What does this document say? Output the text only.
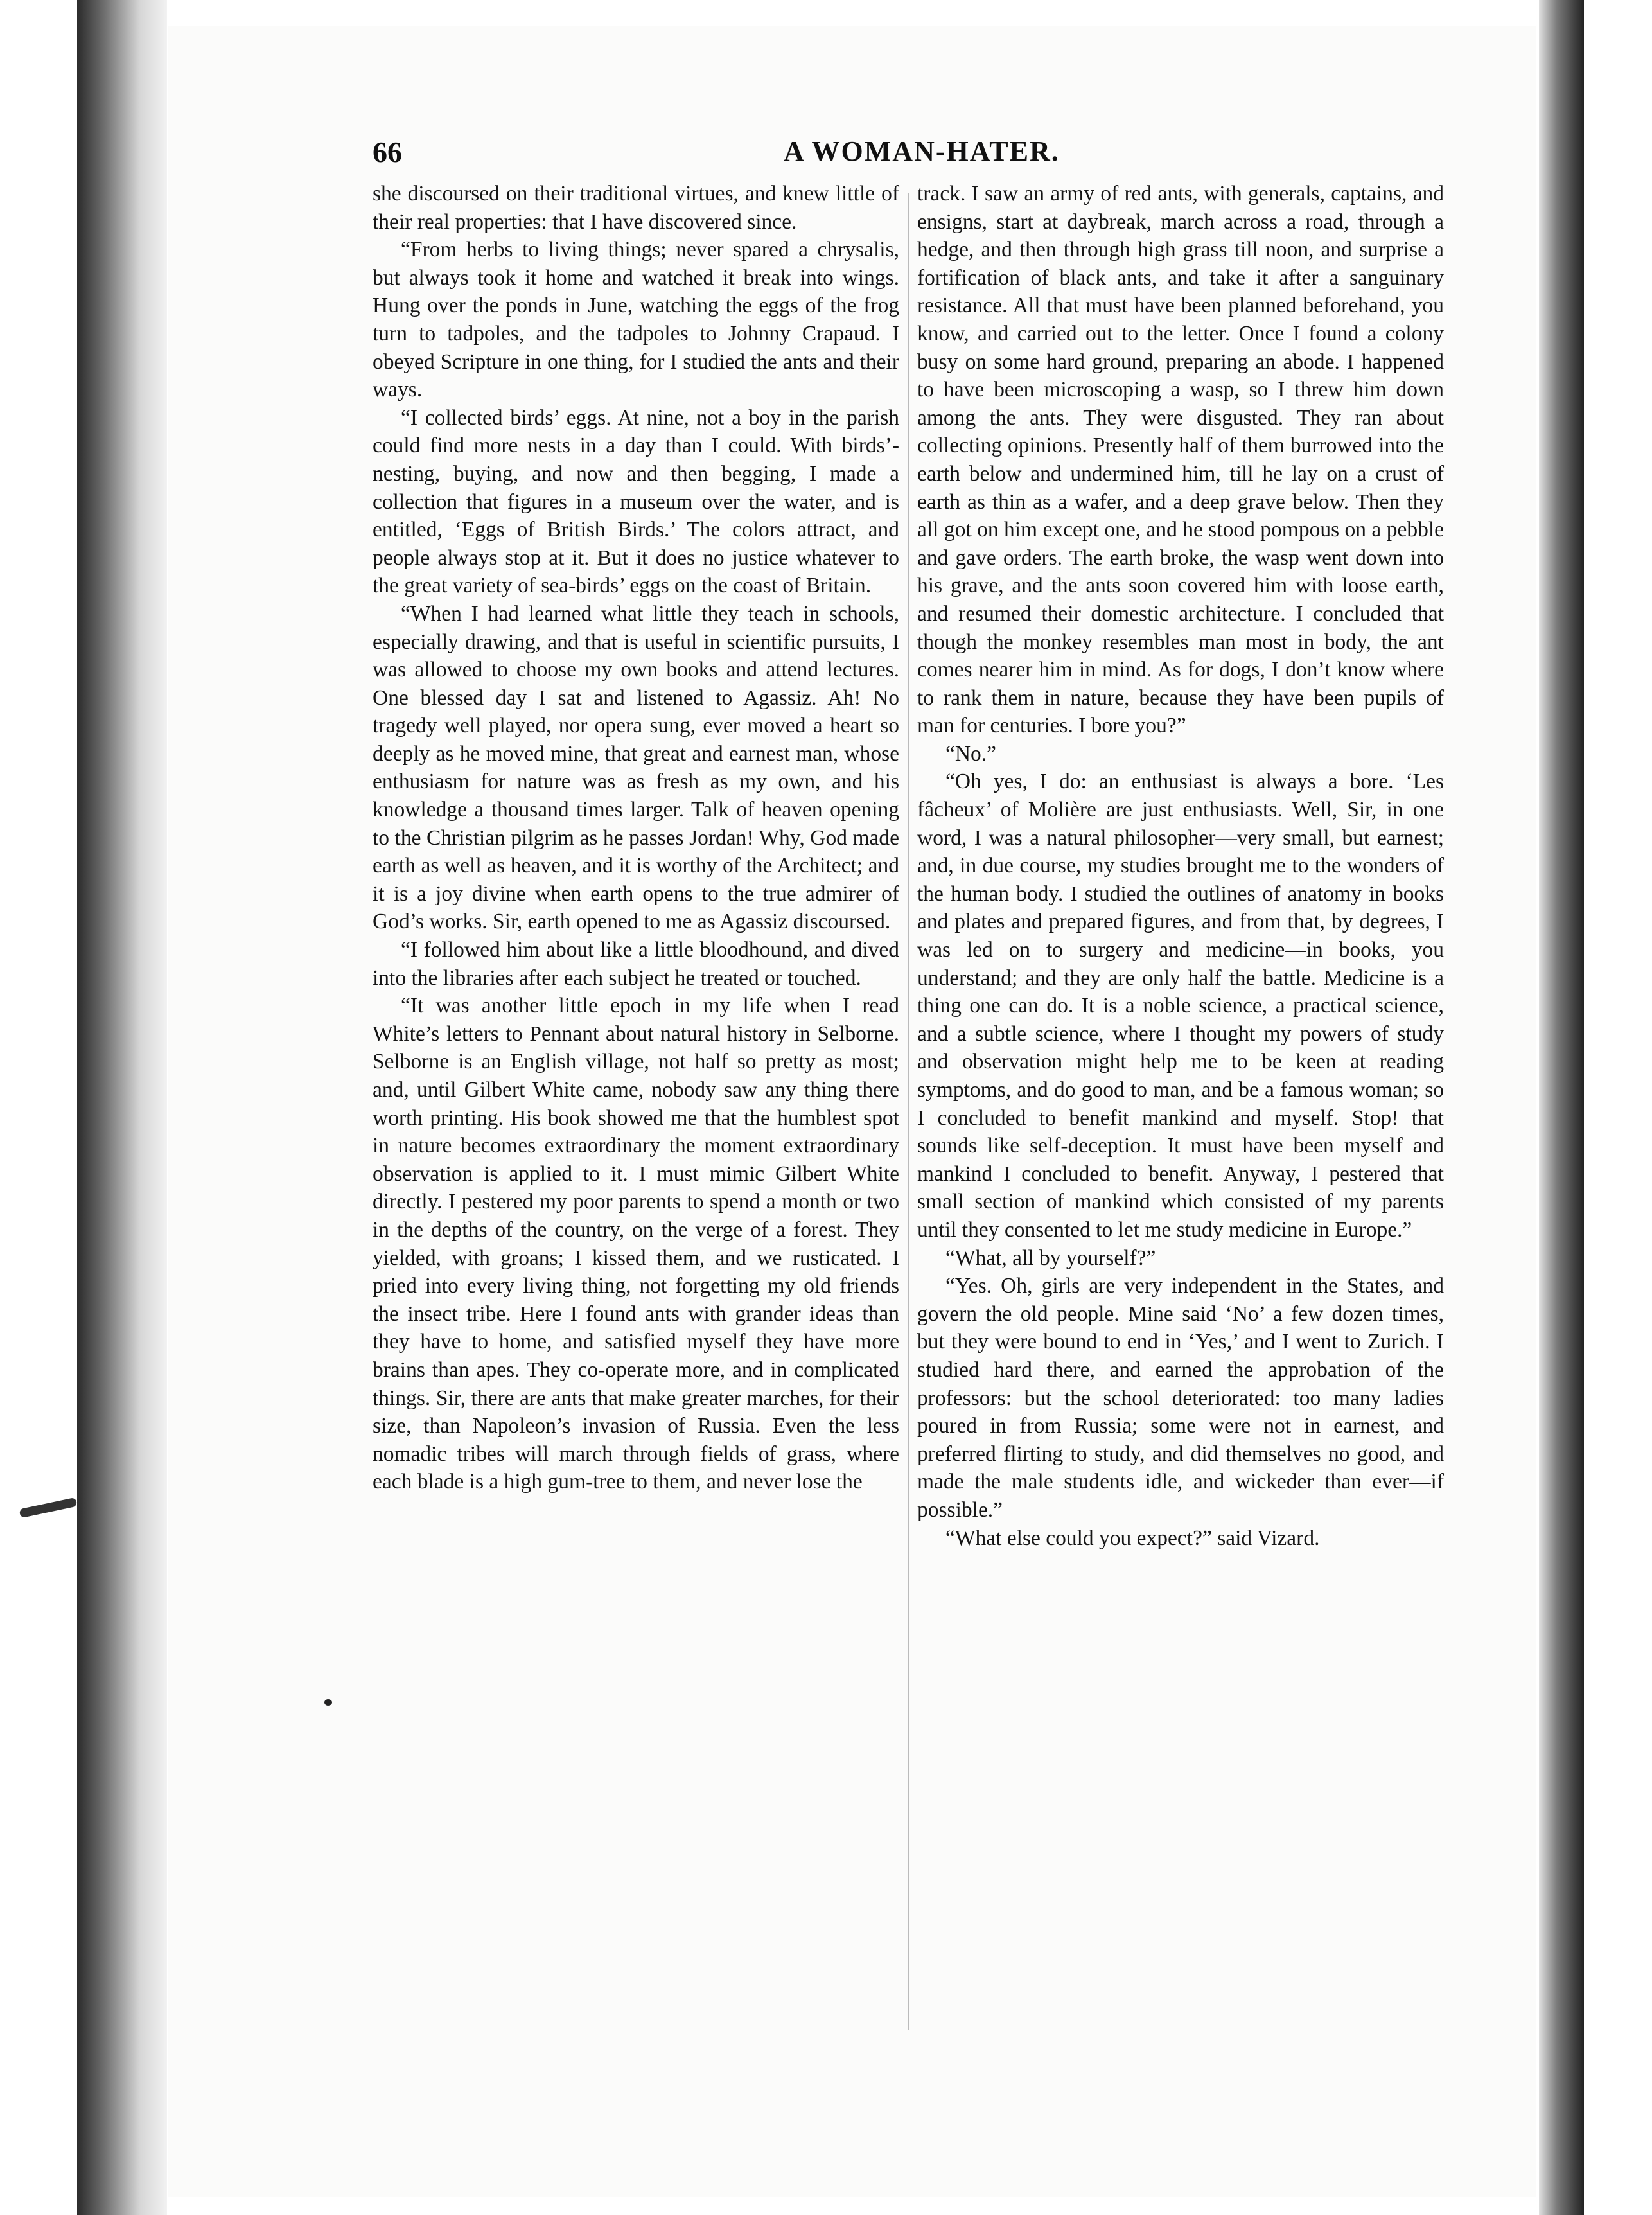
66	A WOMAN-HATER.

she discoursed on their traditional virtues, and knew little of their real properties: that I have discovered since.

“From herbs to living things; never spared a chrysalis, but always took it home and watched it break into wings. Hung over the ponds in June, watching the eggs of the frog turn to tadpoles, and the tadpoles to Johnny Crapaud. I obeyed Scripture in one thing, for I studied the ants and their ways.

“I collected birds’ eggs. At nine, not a boy in the parish could find more nests in a day than I could. With birds’-nesting, buying, and now and then begging, I made a collection that figures in a museum over the water, and is entitled, ‘Eggs of British Birds.’ The colors attract, and people always stop at it. But it does no justice whatever to the great variety of sea-birds’ eggs on the coast of Britain.

“When I had learned what little they teach in schools, especially drawing, and that is useful in scientific pursuits, I was allowed to choose my own books and attend lectures. One blessed day I sat and listened to Agassiz. Ah! No tragedy well played, nor opera sung, ever moved a heart so deeply as he moved mine, that great and earnest man, whose enthusiasm for nature was as fresh as my own, and his knowledge a thousand times larger. Talk of heaven opening to the Christian pilgrim as he passes Jordan! Why, God made earth as well as heaven, and it is worthy of the Architect; and it is a joy divine when earth opens to the true admirer of God’s works. Sir, earth opened to me as Agassiz discoursed.

“I followed him about like a little bloodhound, and dived into the libraries after each subject he treated or touched.

“It was another little epoch in my life when I read White’s letters to Pennant about natural history in Selborne. Selborne is an English village, not half so pretty as most; and, until Gilbert White came, nobody saw any thing there worth printing. His book showed me that the humblest spot in nature becomes extraordinary the moment extraordinary observation is applied to it. I must mimic Gilbert White directly. I pestered my poor parents to spend a month or two in the depths of the country, on the verge of a forest. They yielded, with groans; I kissed them, and we rusticated. I pried into every living thing, not forgetting my old friends the insect tribe. Here I found ants with grander ideas than they have to home, and satisfied myself they have more brains than apes. They co-operate more, and in complicated things. Sir, there are ants that make greater marches, for their size, than Napoleon’s invasion of Russia. Even the less nomadic tribes will march through fields of grass, where each blade is a high gum-tree to them, and never lose the

track. I saw an army of red ants, with generals, captains, and ensigns, start at daybreak, march across a road, through a hedge, and then through high grass till noon, and surprise a fortification of black ants, and take it after a sanguinary resistance. All that must have been planned beforehand, you know, and carried out to the letter. Once I found a colony busy on some hard ground, preparing an abode. I happened to have been microscoping a wasp, so I threw him down among the ants. They were disgusted. They ran about collecting opinions. Presently half of them burrowed into the earth below and undermined him, till he lay on a crust of earth as thin as a wafer, and a deep grave below. Then they all got on him except one, and he stood pompous on a pebble and gave orders. The earth broke, the wasp went down into his grave, and the ants soon covered him with loose earth, and resumed their domestic architecture. I concluded that though the monkey resembles man most in body, the ant comes nearer him in mind. As for dogs, I don’t know where to rank them in nature, because they have been pupils of man for centuries. I bore you?”

“No.”

“Oh yes, I do: an enthusiast is always a bore. ‘Les fâcheux’ of Molière are just enthusiasts. Well, Sir, in one word, I was a natural philosopher—very small, but earnest; and, in due course, my studies brought me to the wonders of the human body. I studied the outlines of anatomy in books and plates and prepared figures, and from that, by degrees, I was led on to surgery and medicine—in books, you understand; and they are only half the battle. Medicine is a thing one can do. It is a noble science, a practical science, and a subtle science, where I thought my powers of study and observation might help me to be keen at reading symptoms, and do good to man, and be a famous woman; so I concluded to benefit mankind and myself. Stop! that sounds like self-deception. It must have been myself and mankind I concluded to benefit. Anyway, I pestered that small section of mankind which consisted of my parents until they consented to let me study medicine in Europe.”

“What, all by yourself?”

“Yes. Oh, girls are very independent in the States, and govern the old people. Mine said ‘No’ a few dozen times, but they were bound to end in ‘Yes,’ and I went to Zurich. I studied hard there, and earned the approbation of the professors: but the school deteriorated: too many ladies poured in from Russia; some were not in earnest, and preferred flirting to study, and did themselves no good, and made the male students idle, and wickeder than ever—if possible.”

“What else could you expect?” said Vizard.
